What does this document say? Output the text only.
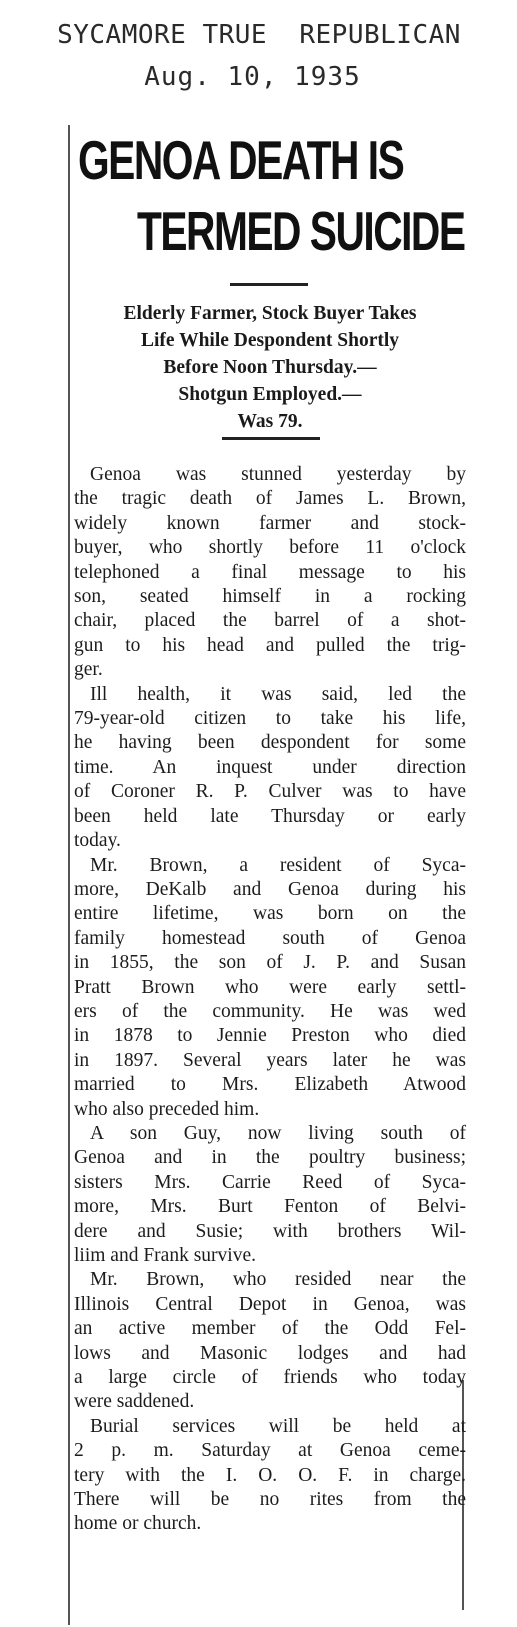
SYCAMORE TRUE  REPUBLICAN
Aug. 10, 1935
GENOA DEATH IS
TERMED SUICIDE
Elderly Farmer, Stock Buyer Takes
Life While Despondent Shortly
Before Noon Thursday.—
Shotgun Employed.—
Was 79.
Genoa was stunned yesterday by
the tragic death of James L. Brown,
widely known farmer and stock-
buyer, who shortly before 11 o'clock
telephoned a final message to his
son, seated himself in a rocking
chair, placed the barrel of a shot-
gun to his head and pulled the trig-
ger.
Ill health, it was said, led the
79-year-old citizen to take his life,
he having been despondent for some
time. An inquest under direction
of Coroner R. P. Culver was to have
been held late Thursday or early
today.
Mr. Brown, a resident of Syca-
more, DeKalb and Genoa during his
entire lifetime, was born on the
family homestead south of Genoa
in 1855, the son of J. P. and Susan
Pratt Brown who were early settl-
ers of the community. He was wed
in 1878 to Jennie Preston who died
in 1897. Several years later he was
married to Mrs. Elizabeth Atwood
who also preceded him.
A son Guy, now living south of
Genoa and in the poultry business;
sisters Mrs. Carrie Reed of Syca-
more, Mrs. Burt Fenton of Belvi-
dere and Susie; with brothers Wil-
liim and Frank survive.
Mr. Brown, who resided near the
Illinois Central Depot in Genoa, was
an active member of the Odd Fel-
lows and Masonic lodges and had
a large circle of friends who today
were saddened.
Burial services will be held at
2 p. m. Saturday at Genoa ceme-
tery with the I. O. O. F. in charge.
There will be no rites from the
home or church.
